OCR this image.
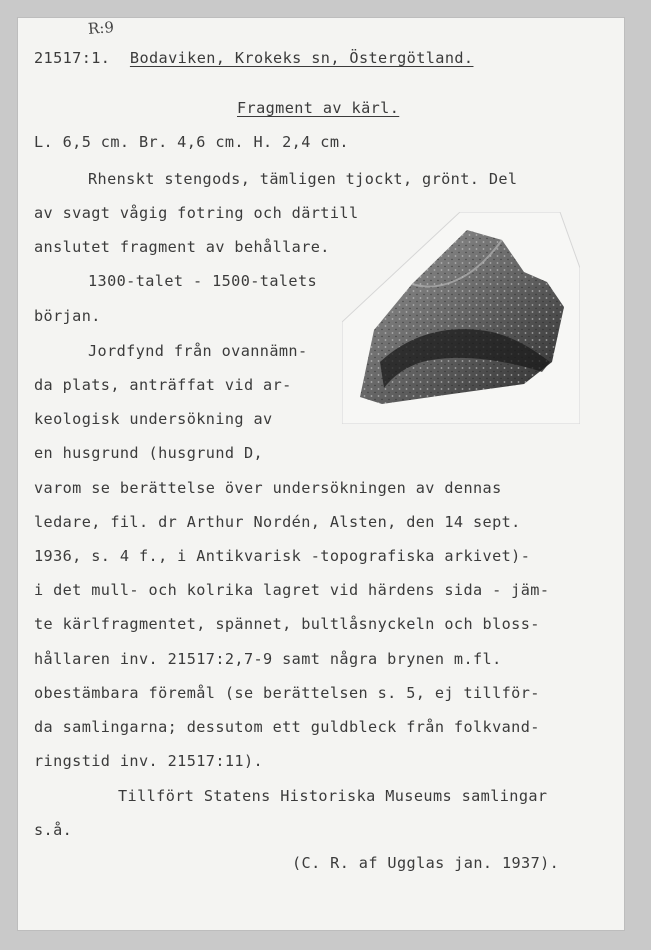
R:9
21517:1. Bodaviken, Krokeks sn, Östergötland.
Fragment av kärl.
L. 6,5 cm. Br. 4,6 cm. H. 2,4 cm.
Rhenskt stengods, tämligen tjockt, grönt. Del
av svagt vågig fotring och därtill
anslutet fragment av behållare.
1300-talet - 1500-talets
början.
Jordfynd från ovannämn-
da plats, anträffat vid ar-
keologisk undersökning av
en husgrund (husgrund D,
varom se berättelse över undersökningen av dennas
ledare, fil. dr Arthur Nordén, Alsten, den 14 sept.
1936, s. 4 f., i Antikvarisk -topografiska arkivet)-
i det mull- och kolrika lagret vid härdens sida - jäm-
te kärlfragmentet, spännet, bultlåsnyckeln och bloss-
hållaren inv. 21517:2,7-9 samt några brynen m.fl.
obestämbara föremål (se berättelsen s. 5, ej tillför-
da samlingarna; dessutom ett guldbleck från folkvand-
ringstid inv. 21517:11).
Tillfört Statens Historiska Museums samlingar
s.å.
(C. R. af Ugglas jan. 1937).
